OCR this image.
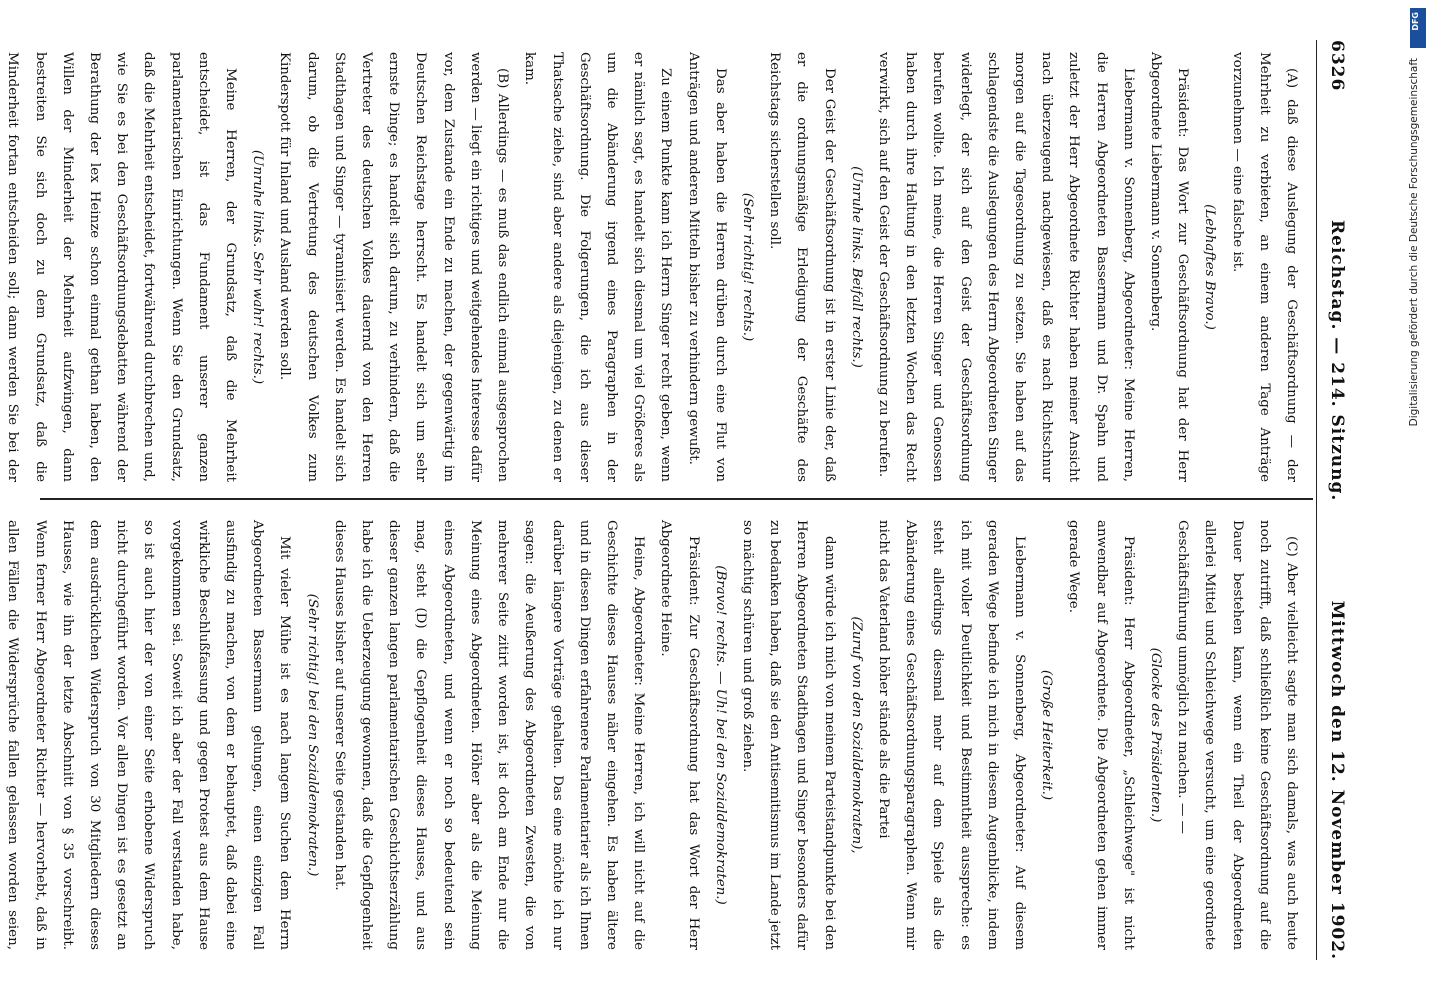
6326
Reichstag. — 214. Sitzung.
Mittwoch den 12. November 1902.

(A) daß diese Auslegung der Geschäftsordnung — der Mehrheit zu verbieten, an einem anderen Tage Anträge vorzunehmen — eine falsche ist.

(Lebhaftes Bravo.)

Präsident: Das Wort zur Geschäftsordnung hat der Herr Abgeordnete Liebermann v. Sonnenberg.

Liebermann v. Sonnenberg, Abgeordneter: Meine Herren, die Herren Abgeordneten Bassermann und Dr. Spahn und zuletzt der Herr Abgeordnete Richter haben meiner Ansicht nach überzeugend nachgewiesen, daß es nach Richtschnur morgen auf die Tagesordnung zu setzen. Sie haben auf das schlagendste die Auslegungen des Herrn Abgeordneten Singer widerlegt, der sich auf den Geist der Geschäftsordnung berufen wollte. Ich meine, die Herren Singer und Genossen haben durch ihre Haltung in den letzten Wochen das Recht verwirkt, sich auf den Geist der Geschäftsordnung zu berufen.

(Unruhe links. Beifall rechts.)

Der Geist der Geschäftsordnung ist in erster Linie der, daß er die ordnungsmäßige Erledigung der Geschäfte des Reichstags sicherstellen soll.

(Sehr richtig! rechts.)

Das aber haben die Herren drüben durch eine Flut von Anträgen und anderen Mitteln bisher zu verhindern gewußt.

Zu einem Punkte kann ich Herrn Singer recht geben, wenn er nämlich sagt, es handelt sich diesmal um viel Größeres als um die Abänderung irgend eines Paragraphen in der Geschäftsordnung. Die Folgerungen, die ich aus dieser Thatsache ziehe, sind aber andere als diejenigen, zu denen er kam.

(B) Allerdings — es muß das endlich einmal ausgesprochen werden — liegt ein richtiges und weitgehendes Interesse dafür vor, dem Zustande ein Ende zu machen, der gegenwärtig im Deutschen Reichstage herrscht. Es handelt sich um sehr ernste Dinge; es handelt sich darum, zu verhindern, daß die Vertreter des deutschen Volkes dauernd von den Herren Stadthagen und Singer — tyrannisiert werden. Es handelt sich darum, ob die Vertretung des deutschen Volkes zum Kinderspott für Inland und Ausland werden soll.

(Unruhe links. Sehr wahr! rechts.)

Meine Herren, der Grundsatz, daß die Mehrheit entscheidet, ist das Fundament unserer ganzen parlamentarischen Einrichtungen. Wenn Sie den Grundsatz, daß die Mehrheit entscheidet, fortwährend durchbrechen und, wie Sie es bei den Geschäftsordnungsdebatten während der Berathung der lex Heinze schon einmal gethan haben, den Willen der Minderheit der Mehrheit aufzwingen, dann bestreiten Sie sich doch zu dem Grundsatz, daß die Minderheit fortan entscheiden soll; dann werden Sie bei der

(C) Aber vielleicht sagte man sich damals, was auch heute noch zutrifft, daß schließlich keine Geschäftsordnung auf die Dauer bestehen kann, wenn ein Theil der Abgeordneten allerlei Mittel und Schleichwege versucht, um eine geordnete Geschäftsführung unmöglich zu machen. — —

(Glocke des Präsidenten.)

Präsident: Herr Abgeordneter, „Schleichwege" ist nicht anwendbar auf Abgeordnete. Die Abgeordneten gehen immer gerade Wege.

(Große Heiterkeit.)

Liebermann v. Sonnenberg, Abgeordneter: Auf diesem geraden Wege befinde ich mich in diesem Augenblicke, indem ich mit voller Deutlichkeit und Bestimmtheit ausspreche: es steht allerdings diesmal mehr auf dem Spiele als die Abänderung eines Geschäftsordnungsparagraphen. Wenn mir nicht das Vaterland höher stände als die Partei

(Zuruf von den Sozialdemokraten),

dann würde ich mich von meinem Parteistandpunkte bei den Herren Abgeordneten Stadthagen und Singer besonders dafür zu bedanken haben, daß sie den Antisemitismus im Lande jetzt so mächtig schüren und groß ziehen.

(Bravo! rechts. — Uh! bei den Sozialdemokraten.)

Präsident: Zur Geschäftsordnung hat das Wort der Herr Abgeordnete Heine.

Heine, Abgeordneter: Meine Herren, ich will nicht auf die Geschichte dieses Hauses näher eingehen. Es haben ältere und in diesen Dingen erfahrenere Parlamentarier als ich Ihnen darüber längere Vorträge gehalten. Das eine möchte ich nur sagen: die Aeußerung des Abgeordneten Zwesten, die von mehrerer Seite zitirt worden ist, ist doch am Ende nur die Meinung eines Abgeordneten. Höher aber als die Meinung eines Abgeordneten, und wenn er noch so bedeutend sein mag, steht (D) die Gepflogenheit dieses Hauses, und aus dieser ganzen langen parlamentarischen Geschichtserzählung habe ich die Ueberzeugung gewonnen, daß die Gepflogenheit dieses Hauses bisher auf unserer Seite gestanden hat.

(Sehr richtig! bei den Sozialdemokraten.)

Mit vieler Mühe ist es nach langem Suchen dem Herrn Abgeordneten Bassermann gelungen, einen einzigen Fall ausfindig zu machen, von dem er behauptet, daß dabei eine wirkliche Beschlußfassung und gegen Protest aus dem Hause vorgekommen sei. Soweit ich aber der Fall verstanden habe, so ist auch hier der von einer Seite erhobene Widerspruch nicht durchgeführt worden. Vor allen Dingen ist es gesetzt an dem ausdrücklichen Widerspruch von 30 Mitgliedern dieses Hauses, wie ihn der letzte Abschnitt von § 35 vorschreibt. Wenn ferner Herr Abgeordneter Richter — hervorhebt, daß in allen Fällen die Widersprüche fallen gelassen worden seien,

DFG
Digitalisierung gefördert durch die Deutsche Forschungsgemeinschaft
